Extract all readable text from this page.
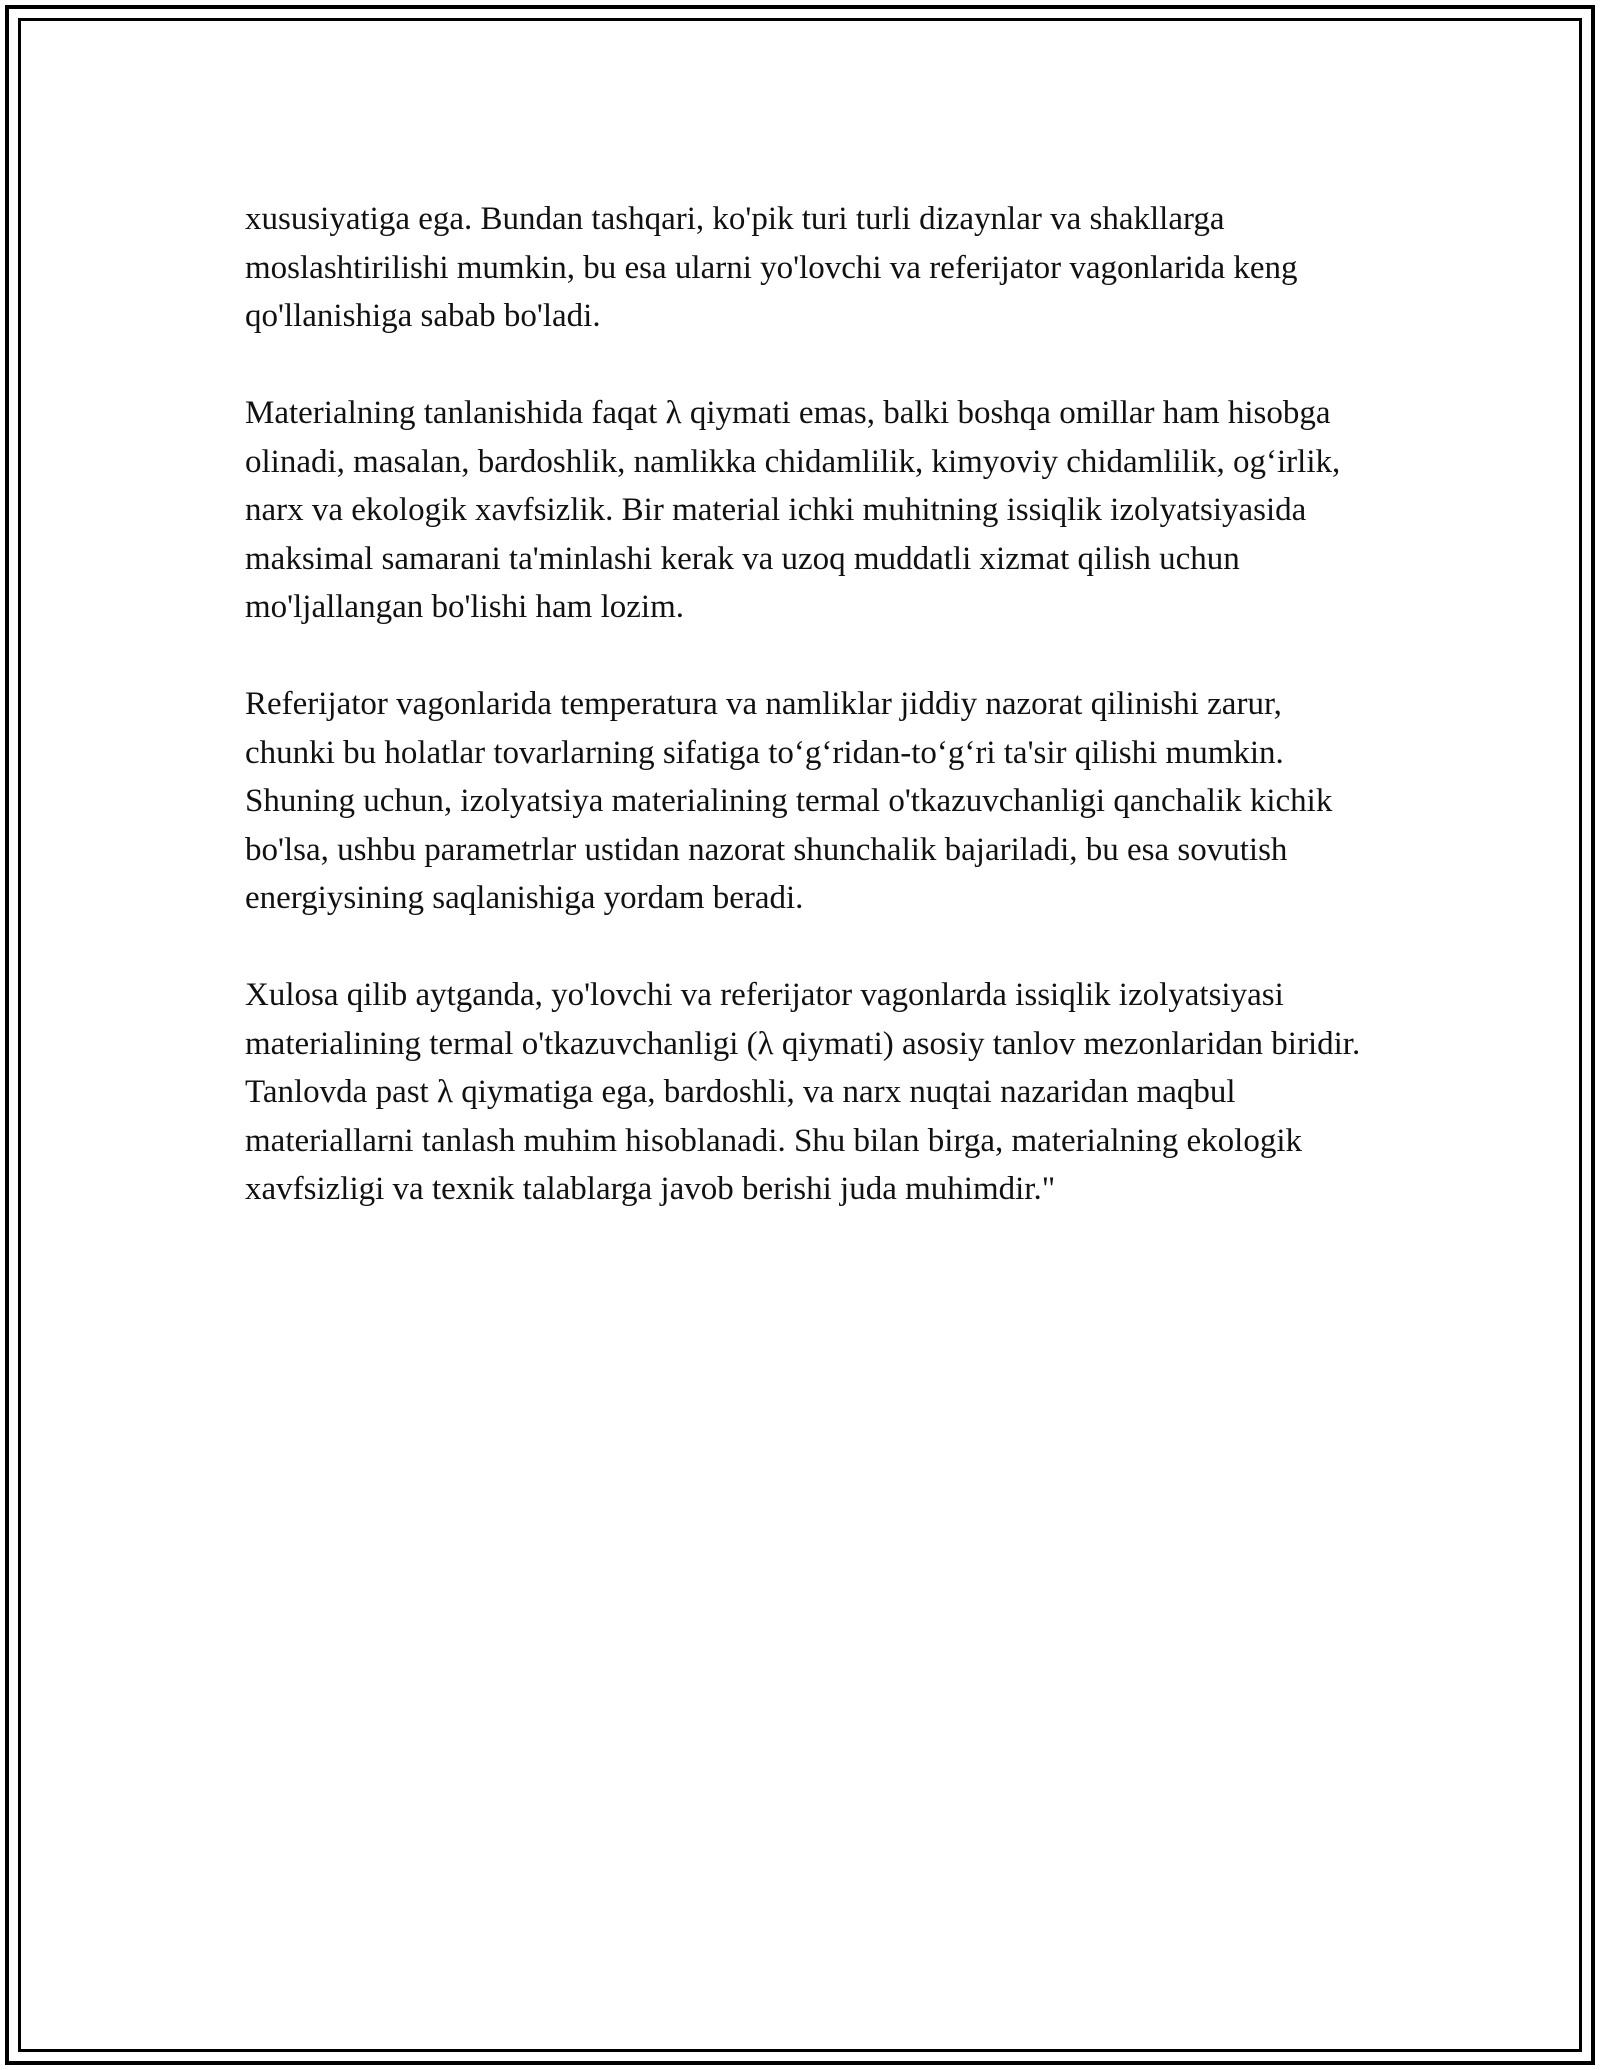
xususiyatiga ega. Bundan tashqari, ko'pik turi turli dizaynlar va shakllarga moslashtirilishi mumkin, bu esa ularni yo'lovchi va referijator vagonlarida keng qo'llanishiga sabab bo'ladi.

Materialning tanlanishida faqat λ qiymati emas, balki boshqa omillar ham hisobga olinadi, masalan, bardoshlik, namlikka chidamlilik, kimyoviy chidamlilik, og‘irlik, narx va ekologik xavfsizlik. Bir material ichki muhitning issiqlik izolyatsiyasida maksimal samarani ta'minlashi kerak va uzoq muddatli xizmat qilish uchun mo'ljallangan bo'lishi ham lozim.

Referijator vagonlarida temperatura va namliklar jiddiy nazorat qilinishi zarur, chunki bu holatlar tovarlarning sifatiga to‘g‘ridan-to‘g‘ri ta'sir qilishi mumkin. Shuning uchun, izolyatsiya materialining termal o'tkazuvchanligi qanchalik kichik bo'lsa, ushbu parametrlar ustidan nazorat shunchalik bajariladi, bu esa sovutish energiysining saqlanishiga yordam beradi.

Xulosa qilib aytganda, yo'lovchi va referijator vagonlarda issiqlik izolyatsiyasi materialining termal o'tkazuvchanligi (λ qiymati) asosiy tanlov mezonlaridan biridir. Tanlovda past λ qiymatiga ega, bardoshli, va narx nuqtai nazaridan maqbul materiallarni tanlash muhim hisoblanadi. Shu bilan birga, materialning ekologik xavfsizligi va texnik talablarga javob berishi juda muhimdir."
